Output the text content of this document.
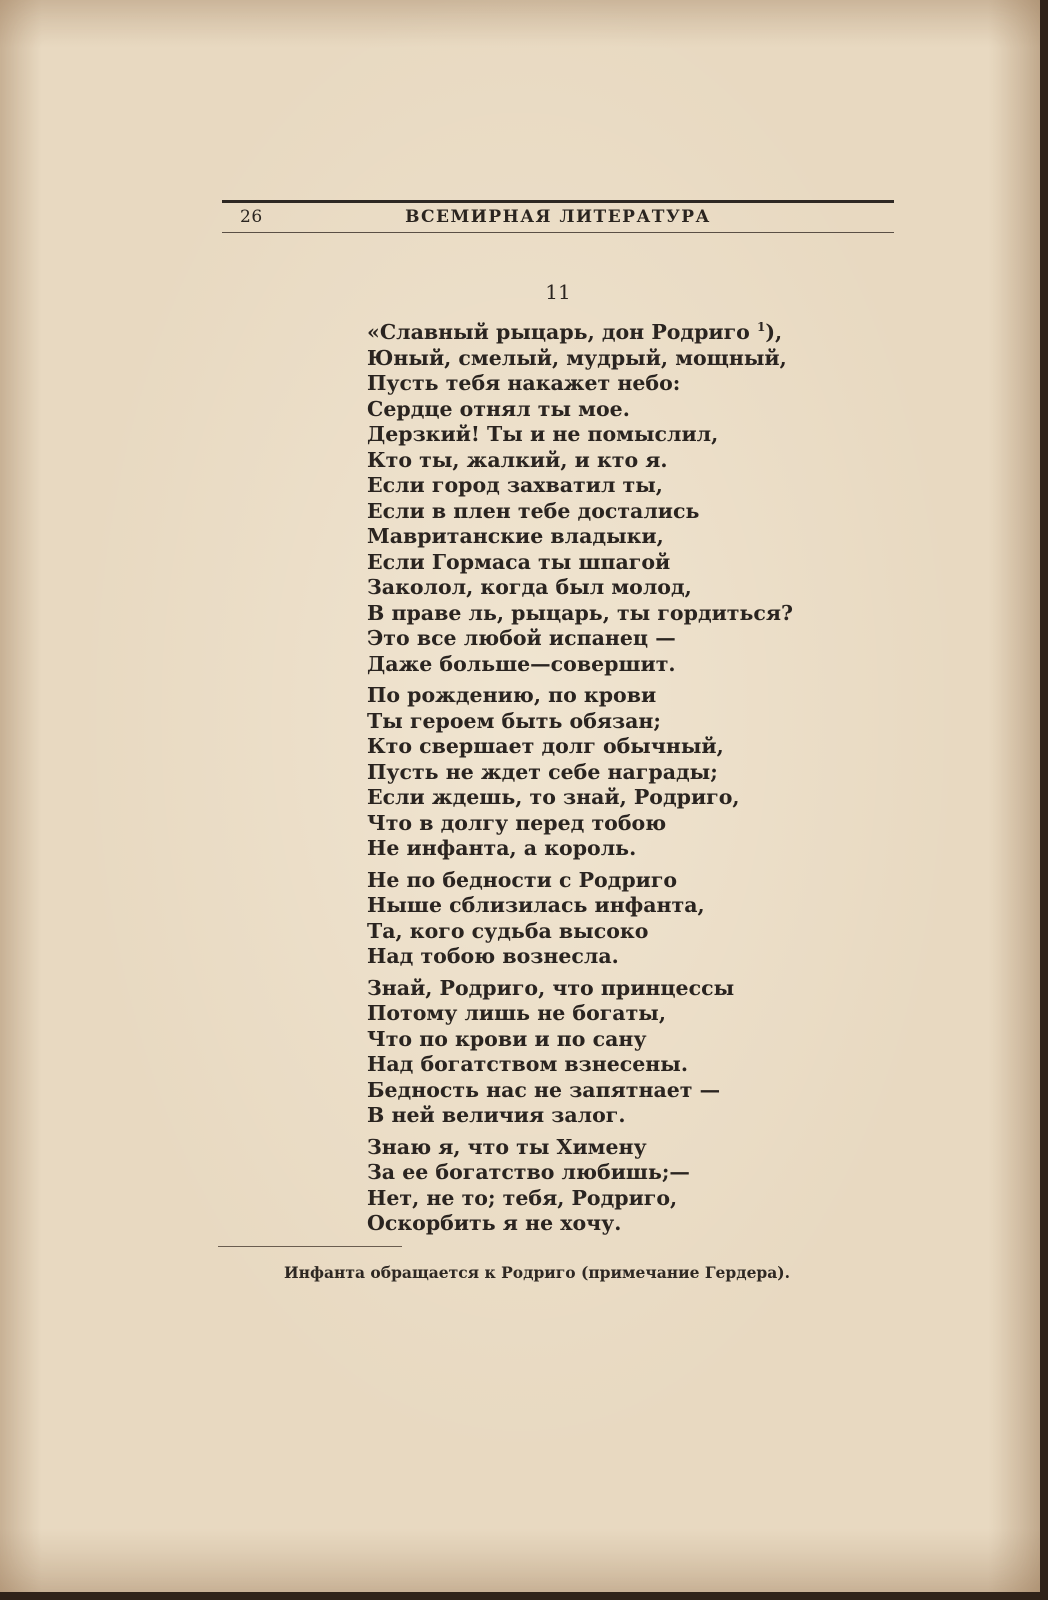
26	ВСЕМИРНАЯ ЛИТЕРАТУРА
11
«Славный рыцарь, дон Родриго $^1$),
Юный, смелый, мудрый, мощный,
Пусть тебя накажет небо:
Сердце отнял ты мое.
Дерзкий! Ты и не помыслил,
Кто ты, жалкий, и кто я.
Если город захватил ты,
Если в плен тебе достались
Мавританские владыки,
Если Гормаса ты шпагой
Заколол, когда был молод,
В праве ль, рыцарь, ты гордиться?
Это все любой испанец —
Даже больше—совершит.
По рождению, по крови
Ты героем быть обязан;
Кто свершает долг обычный,
Пусть не ждет себе награды;
Если ждешь, то знай, Родриго,
Что в долгу перед тобою
Не инфанта, а король.
Не по бедности с Родриго
Ныше сблизилась инфанта,
Та, кого судьба высоко
Над тобою вознесла.
Знай, Родриго, что принцессы
Потому лишь не богаты,
Что по крови и по сану
Над богатством взнесены.
Бедность нас не запятнает —
В ней величия залог.
Знаю я, что ты Химену
За ее богатство любишь;—
Нет, не то; тебя, Родриго,
Оскорбить я не хочу.
Инфанта обращается к Родриго (примечание Гердера).
